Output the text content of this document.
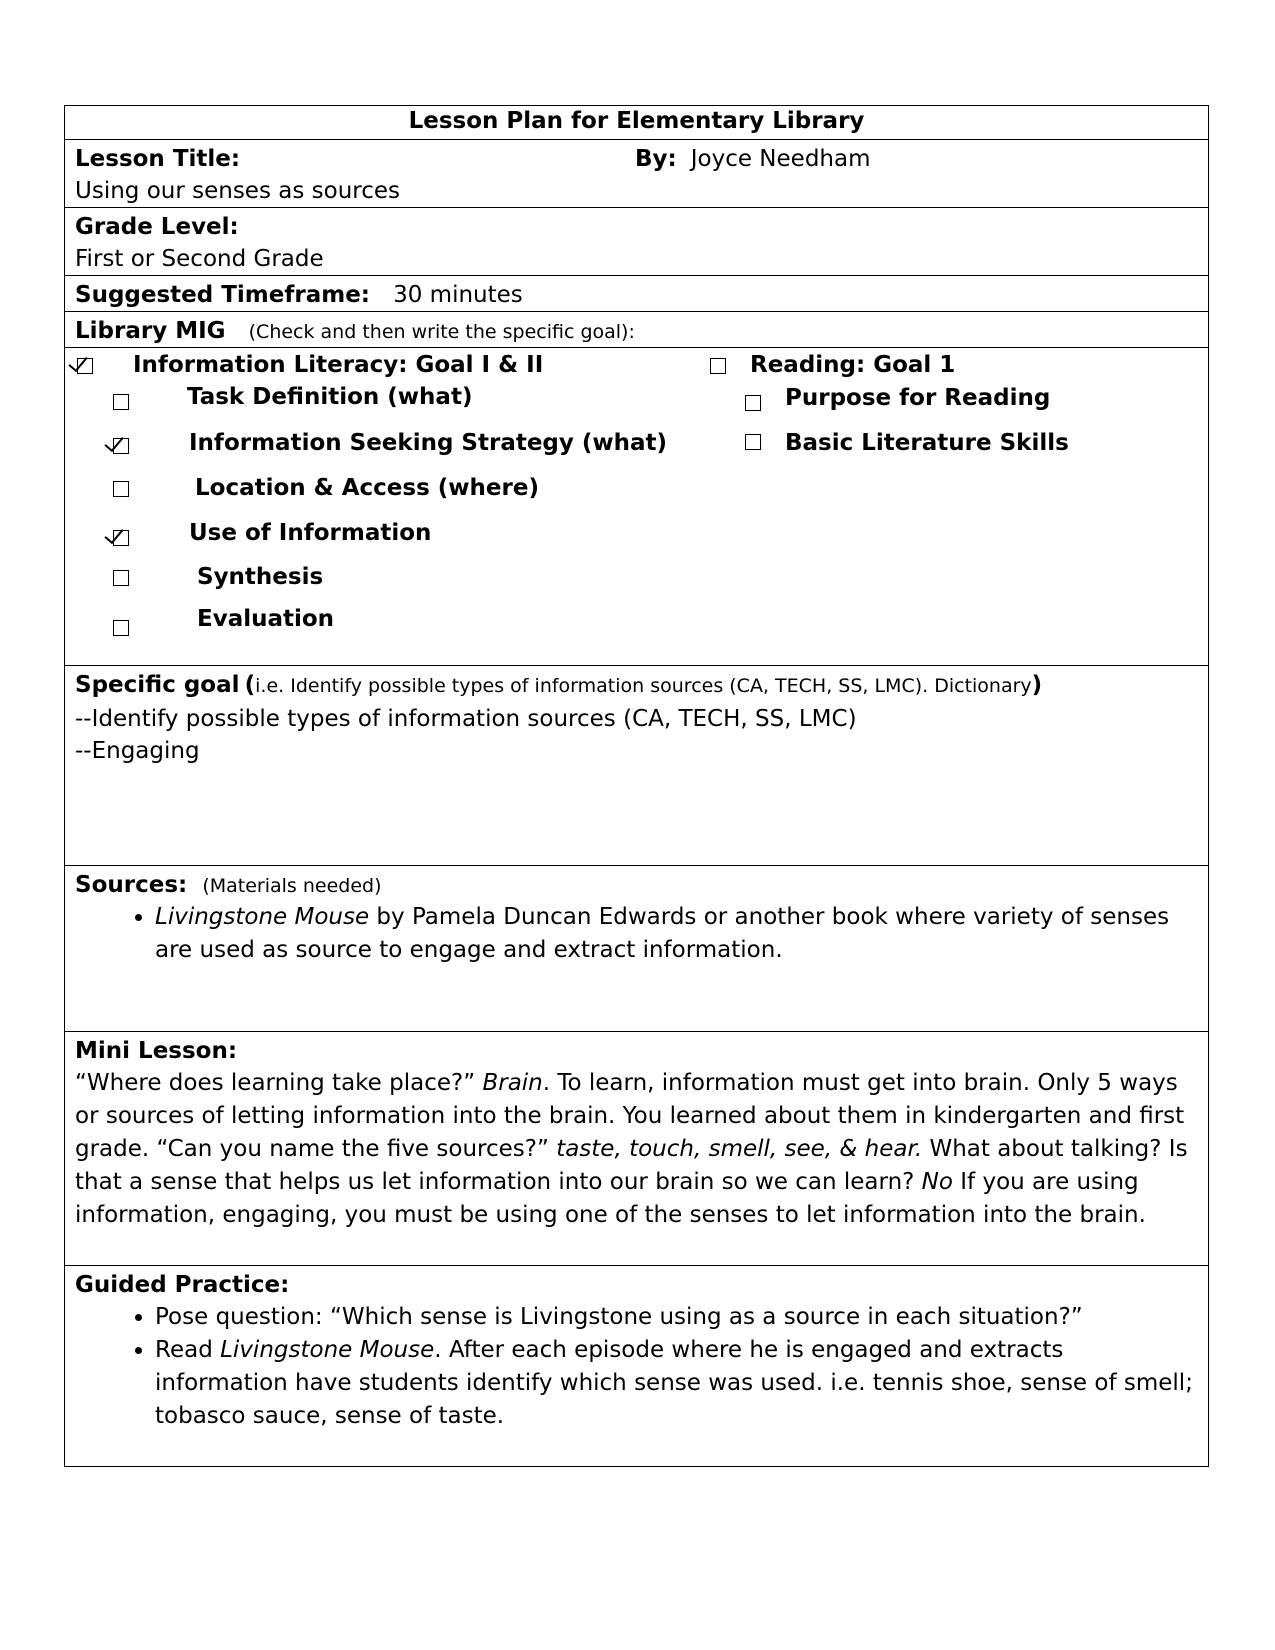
Lesson Plan for Elementary Library
Lesson Title:	By: Joyce Needham
Using our senses as sources
Grade Level:
First or Second Grade
Suggested Timeframe: 30 minutes
Library MIG (Check and then write the specific goal):
Information Literacy: Goal I & II
Task Definition (what)
Information Seeking Strategy (what)
Location & Access (where)
Use of Information
Synthesis
Evaluation
Reading: Goal 1
Purpose for Reading
Basic Literature Skills
Specific goal (i.e. Identify possible types of information sources (CA, TECH, SS, LMC). Dictionary)
--Identify possible types of information sources (CA, TECH, SS, LMC)
--Engaging
Sources: (Materials needed)
• Livingstone Mouse by Pamela Duncan Edwards or another book where variety of senses are used as source to engage and extract information.
Mini Lesson:
“Where does learning take place?” Brain. To learn, information must get into brain. Only 5 ways or sources of letting information into the brain. You learned about them in kindergarten and first grade. “Can you name the five sources?” taste, touch, smell, see, & hear. What about talking? Is that a sense that helps us let information into our brain so we can learn? No If you are using information, engaging, you must be using one of the senses to let information into the brain.
Guided Practice:
• Pose question: “Which sense is Livingstone using as a source in each situation?”
• Read Livingstone Mouse. After each episode where he is engaged and extracts information have students identify which sense was used. i.e. tennis shoe, sense of smell; tobasco sauce, sense of taste.
